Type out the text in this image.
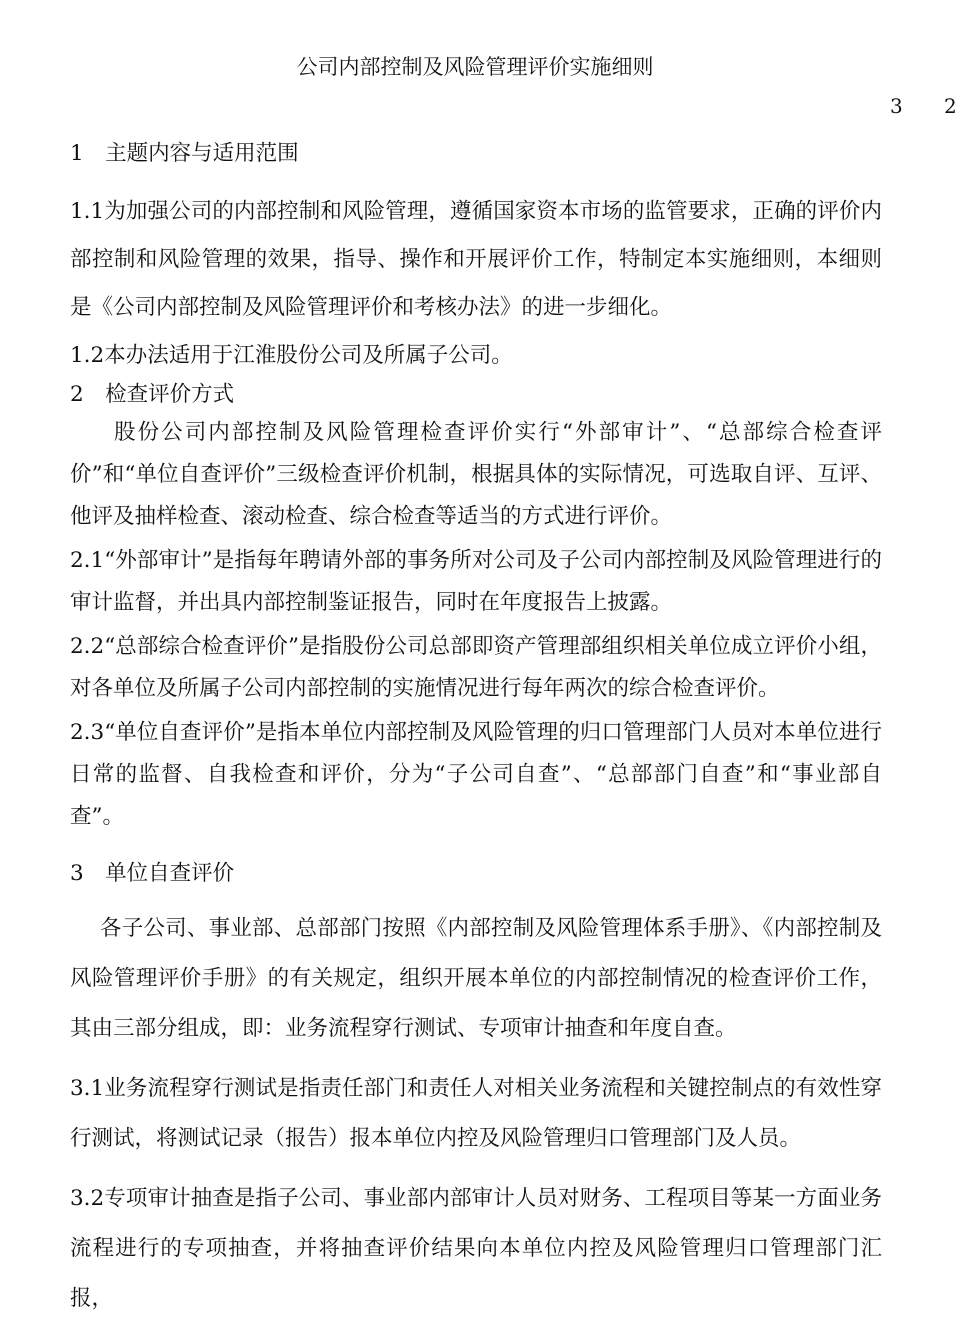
公司内部控制及风险管理评价实施细则
3 2
1　主题内容与适用范围

1.1为加强公司的内部控制和风险管理，遵循国家资本市场的监管要求，正确的评价内部控制和风险管理的效果，指导、操作和开展评价工作，特制定本实施细则，本细则是《公司内部控制及风险管理评价和考核办法》的进一步细化。

1.2本办法适用于江淮股份公司及所属子公司。

2　检查评价方式

股份公司内部控制及风险管理检查评价实行“外部审计”、“总部综合检查评价”和“单位自查评价”三级检查评价机制，根据具体的实际情况，可选取自评、互评、他评及抽样检查、滚动检查、综合检查等适当的方式进行评价。

2.1“外部审计”是指每年聘请外部的事务所对公司及子公司内部控制及风险管理进行的审计监督，并出具内部控制鉴证报告，同时在年度报告上披露。

2.2“总部综合检查评价”是指股份公司总部即资产管理部组织相关单位成立评价小组，对各单位及所属子公司内部控制的实施情况进行每年两次的综合检查评价。

2.3“单位自查评价”是指本单位内部控制及风险管理的归口管理部门人员对本单位进行日常的监督、自我检查和评价，分为“子公司自查”、“总部部门自查”和“事业部自查”。

3　单位自查评价

各子公司、事业部、总部部门按照《内部控制及风险管理体系手册》、《内部控制及风险管理评价手册》的有关规定，组织开展本单位的内部控制情况的检查评价工作，其由三部分组成，即：业务流程穿行测试、专项审计抽查和年度自查。

3.1业务流程穿行测试是指责任部门和责任人对相关业务流程和关键控制点的有效性穿行测试，将测试记录（报告）报本单位内控及风险管理归口管理部门及人员。

3.2专项审计抽查是指子公司、事业部内部审计人员对财务、工程项目等某一方面业务流程进行的专项抽查，并将抽查评价结果向本单位内控及风险管理归口管理部门汇报，
